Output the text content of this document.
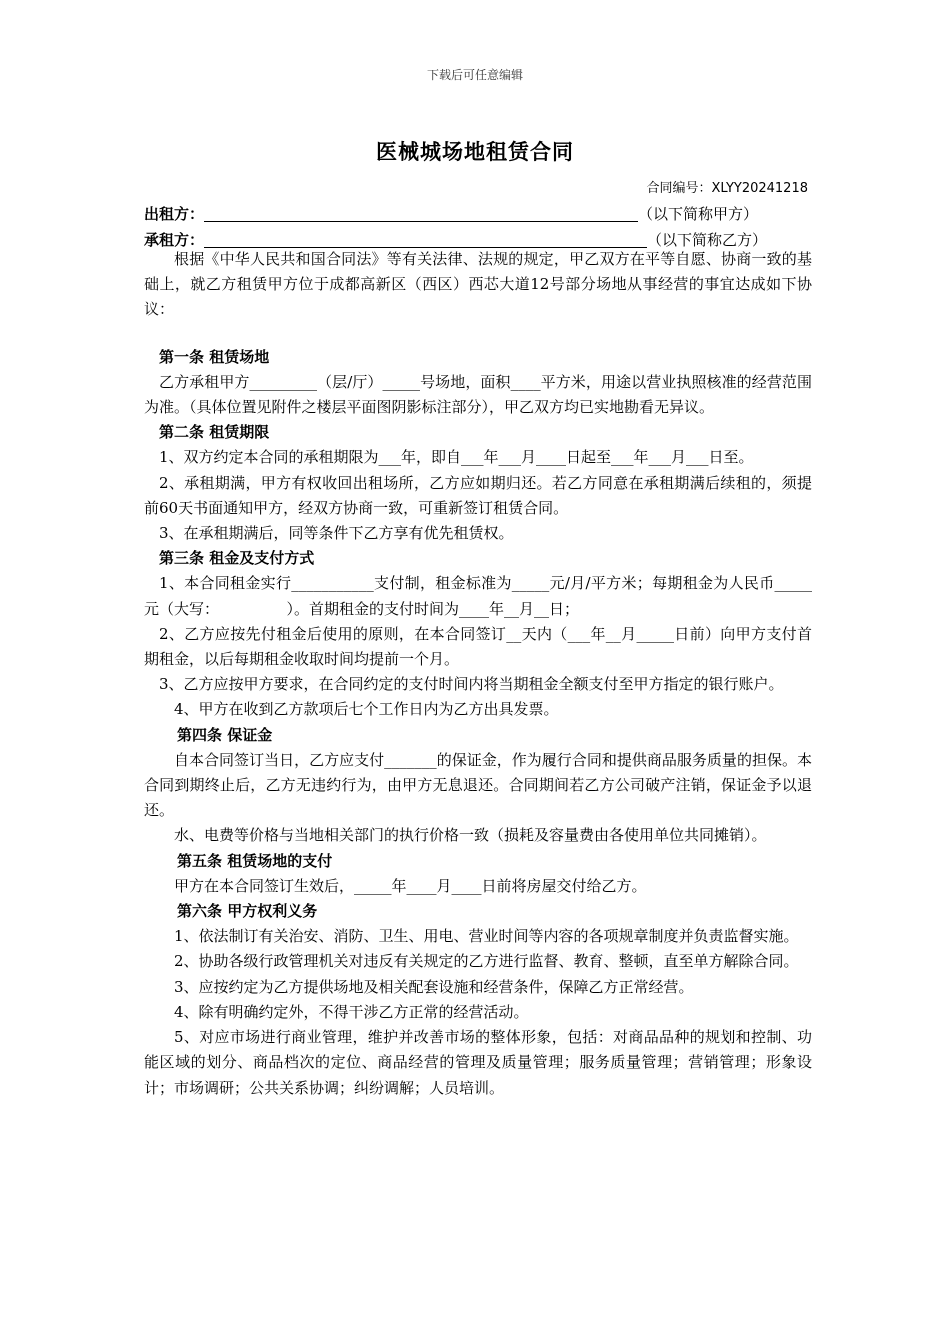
下载后可任意编辑
医械城场地租赁合同
合同编号：XLYY20241218
出租方：	（以下简称甲方）
承租方：	（以下简称乙方）

根据《中华人民共和国合同法》等有关法律、法规的规定，甲乙双方在平等自愿、协商一致的基础上，就乙方租赁甲方位于成都高新区（西区）西芯大道12号部分场地从事经营的事宜达成如下协议：

第一条 租赁场地

乙方承租甲方_________（层/厅）_____号场地，面积____平方米，用途以营业执照核准的经营范围为准。（具体位置见附件之楼层平面图阴影标注部分），甲乙双方均已实地勘看无异议。

第二条 租赁期限

1、双方约定本合同的承租期限为___年，即自___年___月____日起至___年___月___日至。

2、承租期满，甲方有权收回出租场所，乙方应如期归还。若乙方同意在承租期满后续租的，须提前60天书面通知甲方，经双方协商一致，可重新签订租赁合同。

3、在承租期满后，同等条件下乙方享有优先租赁权。

第三条 租金及支付方式

1、本合同租金实行___________支付制，租金标准为_____元/月/平方米；每期租金为人民币_____元（大写：　　　　　）。首期租金的支付时间为____年__月__日；

2、乙方应按先付租金后使用的原则，在本合同签订__天内（___年__月_____日前）向甲方支付首期租金，以后每期租金收取时间均提前一个月。

3、乙方应按甲方要求，在合同约定的支付时间内将当期租金全额支付至甲方指定的银行账户。

4、甲方在收到乙方款项后七个工作日内为乙方出具发票。

第四条 保证金

自本合同签订当日，乙方应支付_______的保证金，作为履行合同和提供商品服务质量的担保。本合同到期终止后，乙方无违约行为，由甲方无息退还。合同期间若乙方公司破产注销，保证金予以退还。

水、电费等价格与当地相关部门的执行价格一致（损耗及容量费由各使用单位共同摊销）。

第五条 租赁场地的支付

甲方在本合同签订生效后，_____年____月____日前将房屋交付给乙方。

第六条 甲方权利义务

1、依法制订有关治安、消防、卫生、用电、营业时间等内容的各项规章制度并负责监督实施。

2、协助各级行政管理机关对违反有关规定的乙方进行监督、教育、整顿，直至单方解除合同。

3、应按约定为乙方提供场地及相关配套设施和经营条件，保障乙方正常经营。

4、除有明确约定外，不得干涉乙方正常的经营活动。

5、对应市场进行商业管理，维护并改善市场的整体形象，包括：对商品品种的规划和控制、功能区域的划分、商品档次的定位、商品经营的管理及质量管理；服务质量管理；营销管理；形象设计；市场调研；公共关系协调；纠纷调解；人员培训。
